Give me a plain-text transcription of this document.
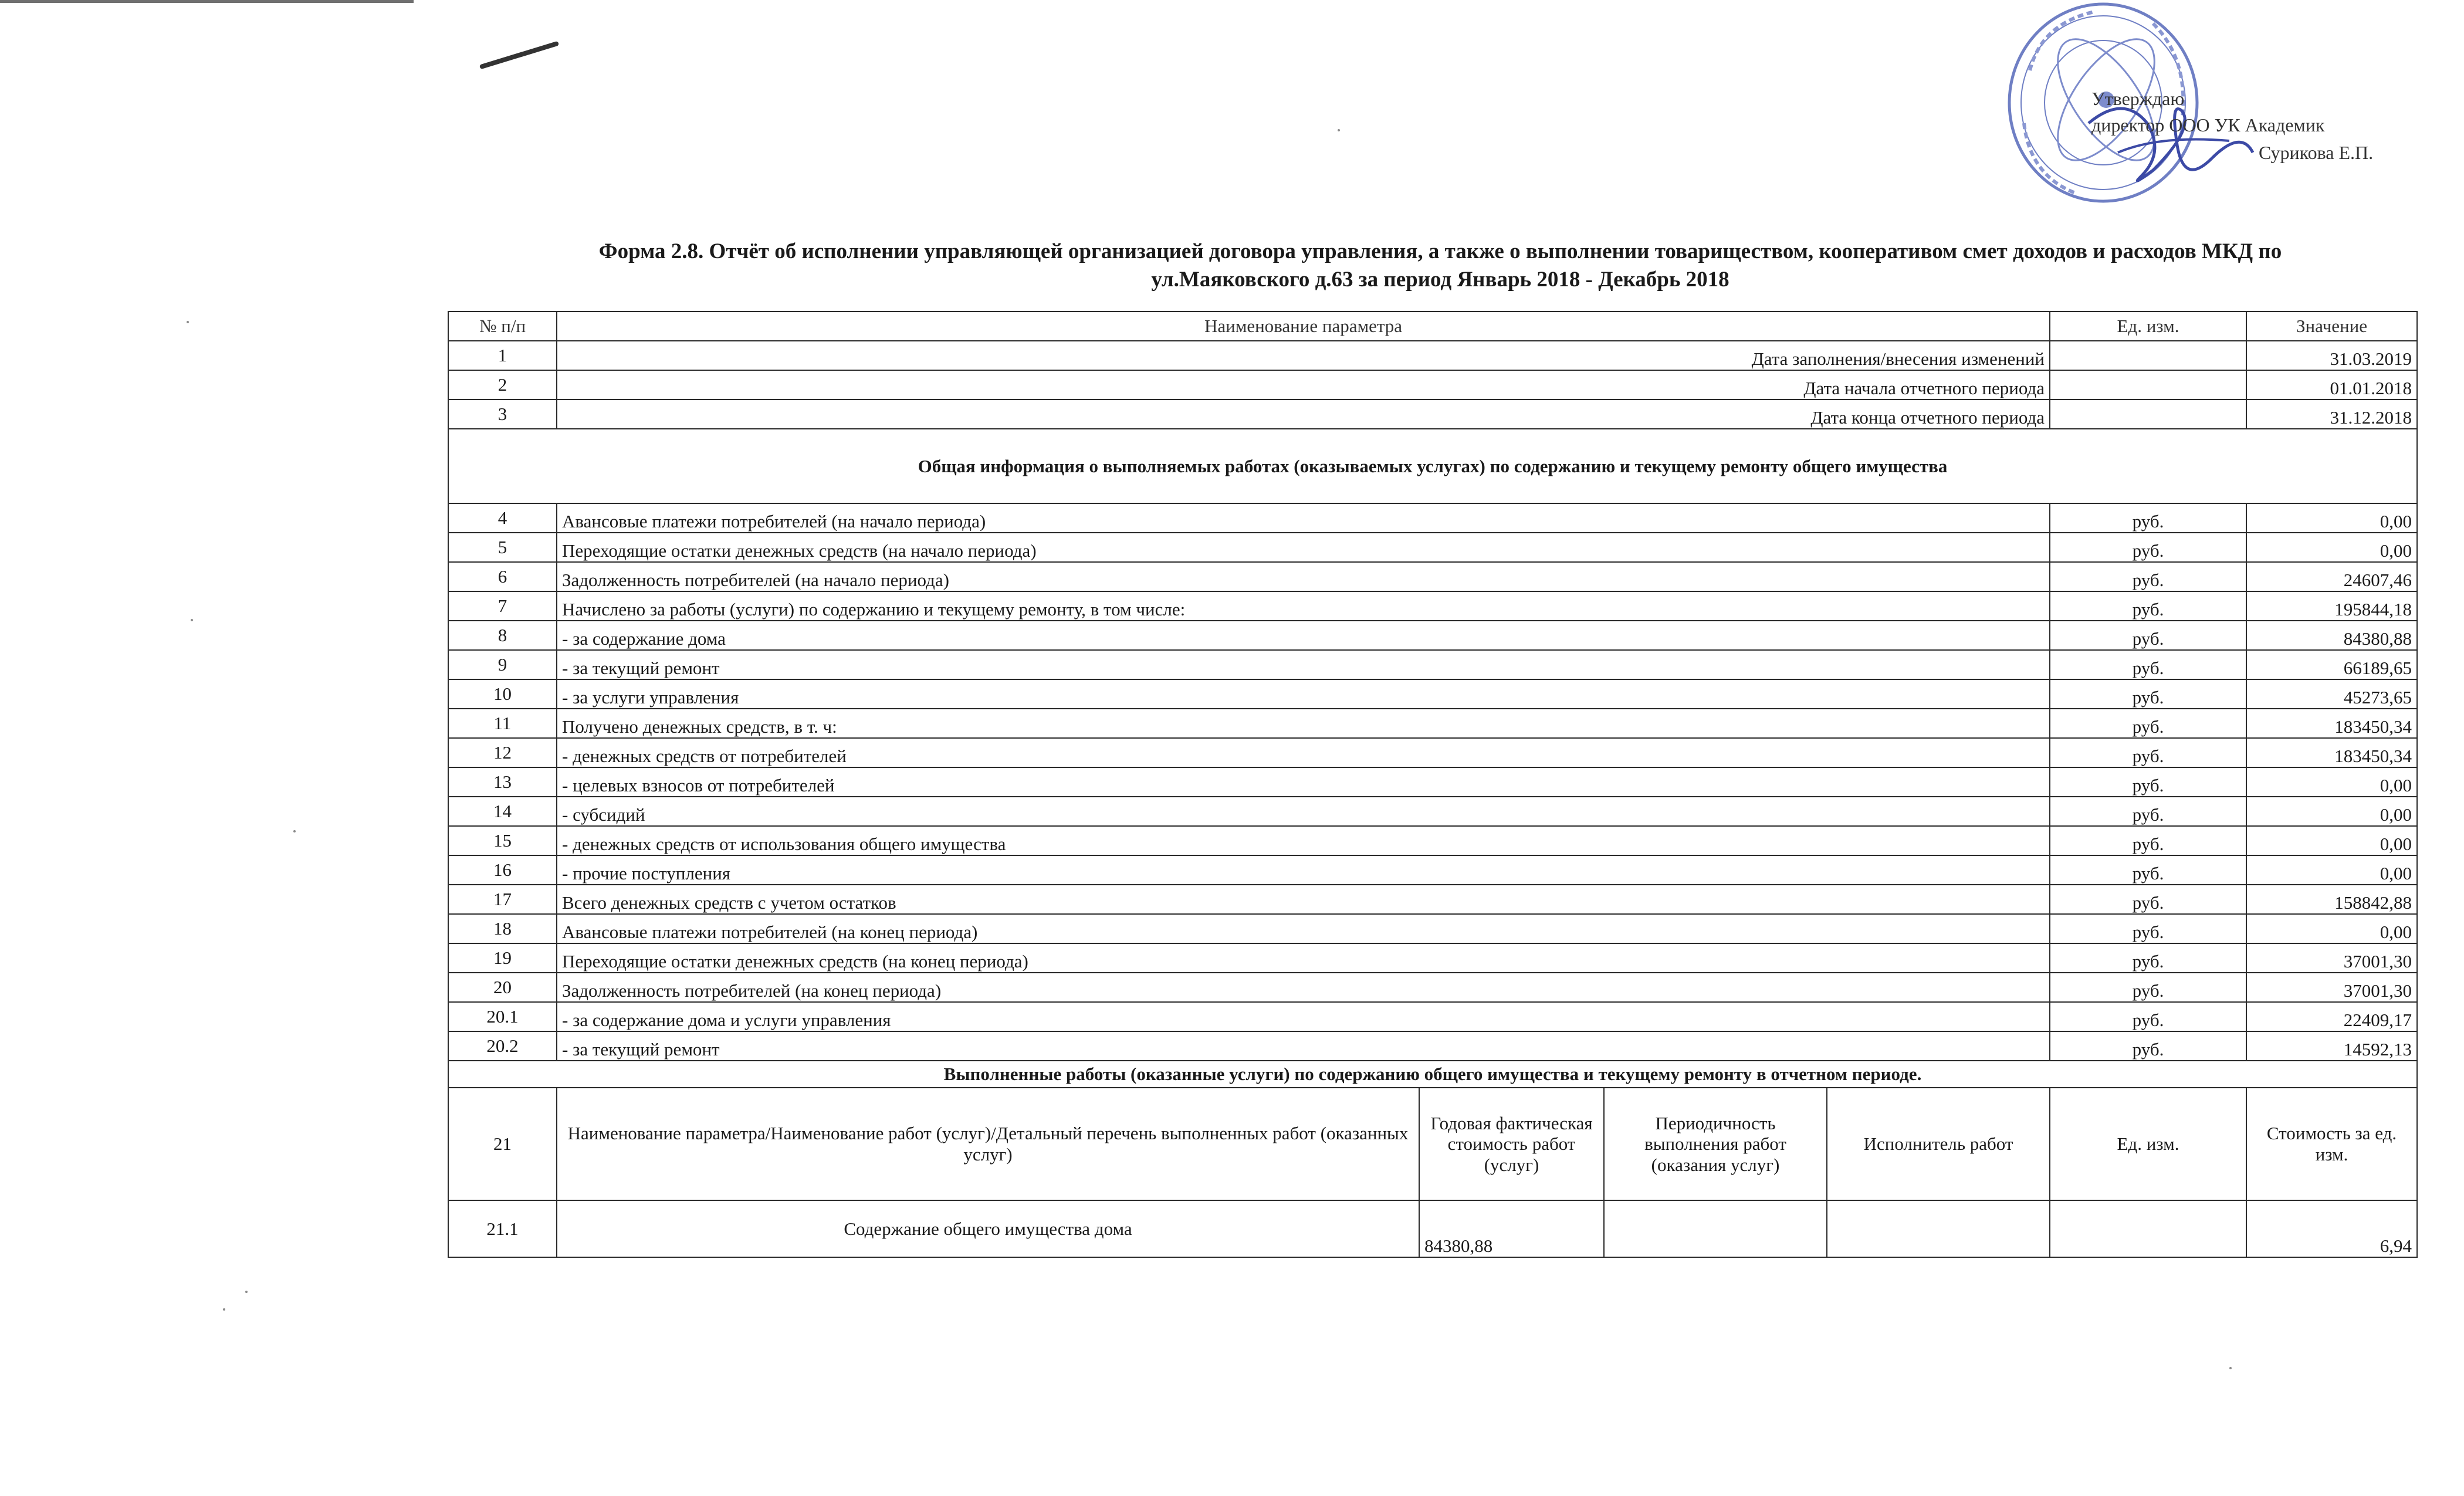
Утверждаю
директор ООО УК Академик
Сурикова Е.П.
Форма 2.8. Отчёт об исполнении управляющей организацией договора управления, а также о выполнении товариществом, кооперативом смет доходов и расходов МКД по
ул.Маяковского д.63 за период Январь 2018 - Декабрь 2018
№ п/п	Наименование параметра				Ед. изм.	Значение
1	Дата заполнения/внесения изменений					31.03.2019
2	Дата начала отчетного периода					01.01.2018
3	Дата конца отчетного периода					31.12.2018
Общая информация о выполняемых работах (оказываемых услугах) по содержанию и текущему ремонту общего имущества						
4	Авансовые платежи потребителей (на начало периода)				руб.	0,00
5	Переходящие остатки денежных средств (на начало периода)				руб.	0,00
6	Задолженность потребителей (на начало периода)				руб.	24607,46
7	Начислено за работы (услуги) по содержанию и текущему ремонту, в том числе:				руб.	195844,18
8	- за содержание дома				руб.	84380,88
9	- за текущий ремонт				руб.	66189,65
10	- за услуги управления				руб.	45273,65
11	Получено денежных средств, в т. ч:				руб.	183450,34
12	- денежных средств от потребителей				руб.	183450,34
13	- целевых взносов от потребителей				руб.	0,00
14	- субсидий				руб.	0,00
15	- денежных средств от использования общего имущества				руб.	0,00
16	- прочие поступления				руб.	0,00
17	Всего денежных средств с учетом остатков				руб.	158842,88
18	Авансовые платежи потребителей (на конец периода)				руб.	0,00
19	Переходящие остатки денежных средств (на конец периода)				руб.	37001,30
20	Задолженность потребителей (на конец периода)				руб.	37001,30
20.1	- за содержание дома и услуги управления				руб.	22409,17
20.2	- за текущий ремонт				руб.	14592,13
Выполненные работы (оказанные услуги) по содержанию общего имущества и текущему ремонту в отчетном периоде.						
21	Наименование параметра/Наименование работ (услуг)/Детальный перечень выполненных работ (оказанных услуг)	Годовая фактическая стоимость работ (услуг)	Периодичность выполнения работ (оказания услуг)	Исполнитель работ	Ед. изм.	Стоимость за ед. изм.
21.1	Содержание общего имущества дома	84380,88				6,94
